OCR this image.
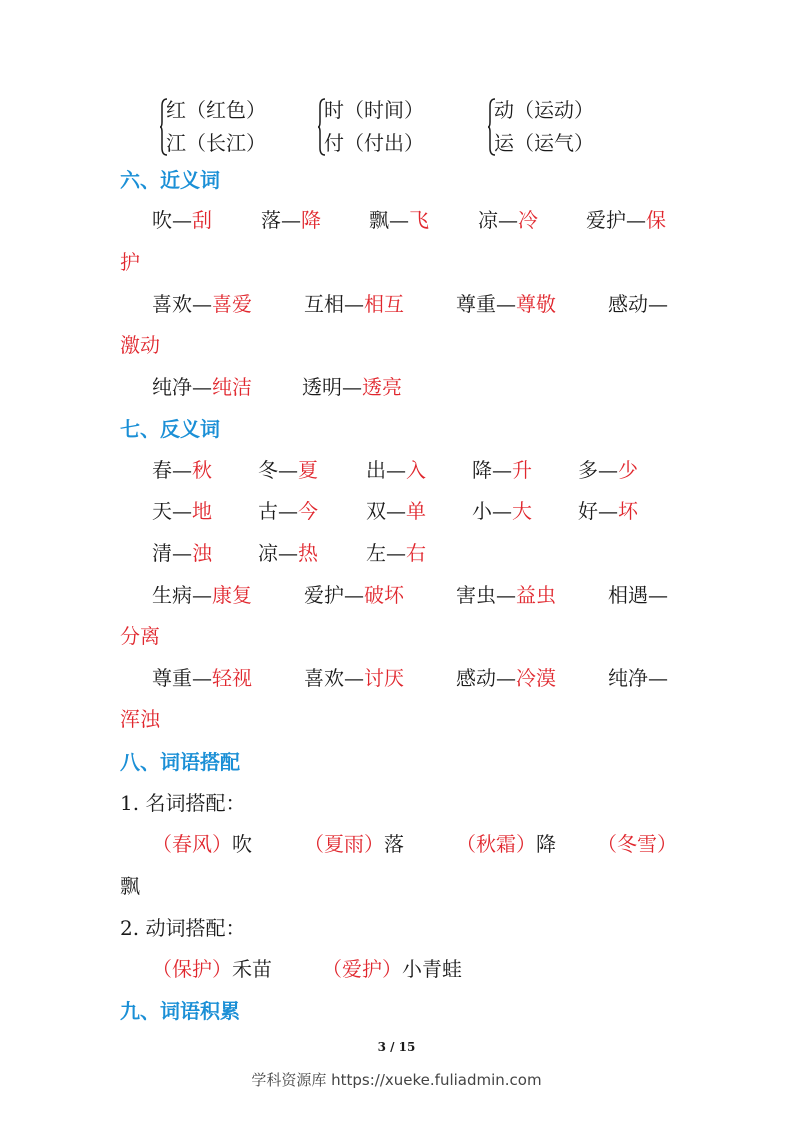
红（红色）	时（时间）	动（运动）
江（长江）	付（付出）	运（运气）
六、近义词
吹—刮 落—降 飘—飞 凉—冷 爱护—保
护
喜欢—喜爱	互相—相互	尊重—尊敬	感动—
激动
纯净—纯洁	透明—透亮
七、反义词
春—秋 冬—夏 出—入 降—升 多—少
天—地 古—今 双—单 小—大 好—坏
清—浊 凉—热 左—右
生病—康复	爱护—破坏	害虫—益虫	相遇—
分离
尊重—轻视	喜欢—讨厌	感动—冷漠	纯净—
浑浊
八、词语搭配
1. 名词搭配：
（春风）吹	（夏雨）落	（秋霜）降 （冬雪）
飘
2. 动词搭配：
（保护）禾苗	（爱护）小青蛙
九、词语积累
3 / 15
学科资源库 https://xueke.fuliadmin.com
